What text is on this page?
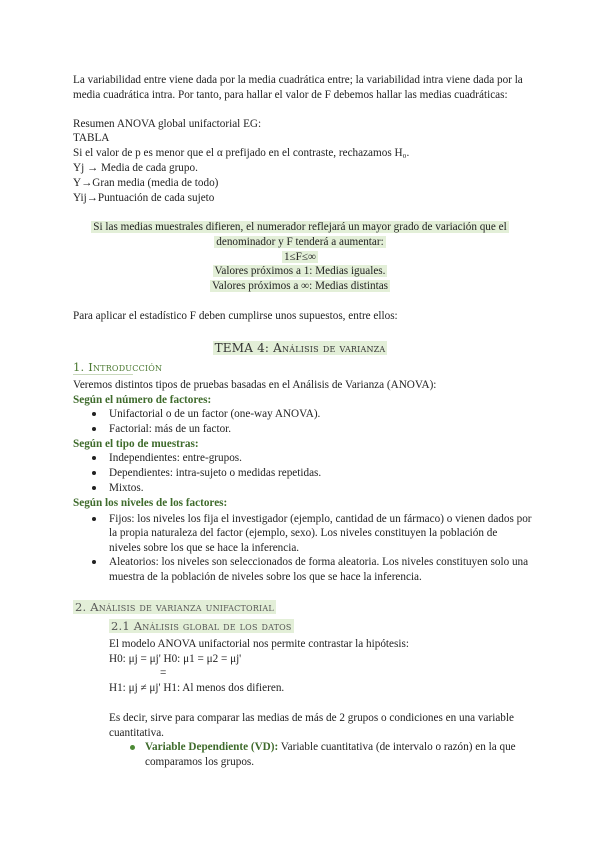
La variabilidad entre viene dada por la media cuadrática entre; la variabilidad intra viene dada por la
media cuadrática intra. Por tanto, para hallar el valor de F debemos hallar las medias cuadráticas:
Resumen ANOVA global unifactorial EG:
TABLA
Si el valor de p es menor que el α prefijado en el contraste, rechazamos H₀.
Yj → Media de cada grupo.
Y→Gran media (media de todo)
Yij→Puntuación de cada sujeto
Si las medias muestrales difieren, el numerador reflejará un mayor grado de variación que el
denominador y F tenderá a aumentar:
1≤F≤∞
Valores próximos a 1: Medias iguales.
Valores próximos a ∞: Medias distintas
Para aplicar el estadístico F deben cumplirse unos supuestos, entre ellos:
TEMA 4: Análisis de varianza
1. Introducción
Veremos distintos tipos de pruebas basadas en el Análisis de Varianza (ANOVA):
Según el número de factores:
Unifactorial o de un factor (one-way ANOVA).
Factorial: más de un factor.
Según el tipo de muestras:
Independientes: entre-grupos.
Dependientes: intra-sujeto o medidas repetidas.
Mixtos.
Según los niveles de los factores:
Fijos: los niveles los fija el investigador (ejemplo, cantidad de un fármaco) o vienen dados por
la propia naturaleza del factor (ejemplo, sexo). Los niveles constituyen la población de
niveles sobre los que se hace la inferencia.
Aleatorios: los niveles son seleccionados de forma aleatoria. Los niveles constituyen solo una
muestra de la población de niveles sobre los que se hace la inferencia.
2. Análisis de varianza unifactorial
2.1 Análisis global de los datos
El modelo ANOVA unifactorial nos permite contrastar la hipótesis:
H0: μj = μj' H0: μ1 = μ2 = μj'
=
H1: μj ≠ μj' H1: Al menos dos difieren.
Es decir, sirve para comparar las medias de más de 2 grupos o condiciones en una variable
cuantitativa.
Variable Dependiente (VD): Variable cuantitativa (de intervalo o razón) en la que
comparamos los grupos.
